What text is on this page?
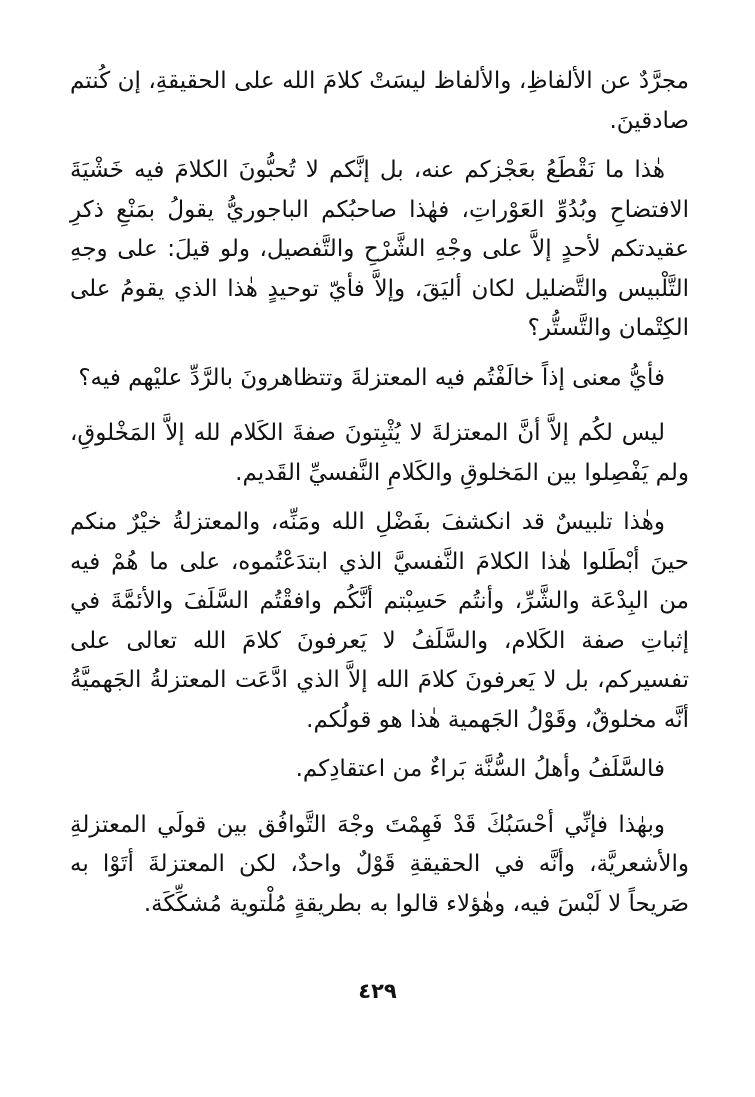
مجرَّدٌ عن الألفاظِ، والألفاظ ليسَتْ كلامَ الله على الحقيقةِ، إن كُنتم صادقينَ.

هٰذا ما نَقْطَعُ بعَجْزكم عنه، بل إنَّكم لا تُحبُّونَ الكلامَ فيه خَشْيَةَ الافتضاحِ وبُدُوِّ العَوْراتِ، فهٰذا صاحبُكم الباجوريُّ يقولُ بمَنْعِ ذكرِ عقيدتكم لأحدٍ إلاَّ على وجْهِ الشَّرْحِ والتَّفصيل، ولو قيلَ: على وجهِ التَّلْبيس والتَّضليل لكان أليَقَ، وإلاَّ فأيّ توحيدٍ هٰذا الذي يقومُ على الكِتْمان والتَّستُّر؟

فأيُّ معنى إذاً خالَفْتُم فيه المعتزلةَ وتتظاهرونَ بالرَّدِّ عليْهم فيه؟

ليس لكُم إلاَّ أنَّ المعتزلةَ لا يُثْبِتونَ صفةَ الكَلام لله إلاَّ المَخْلوقِ، ولم يَفْصِلوا بين المَخلوقِ والكَلامِ النَّفسيِّ القَديم.

وهٰذا تلبيسٌ قد انكشفَ بفَضْلِ الله ومَنِّه، والمعتزلةُ خيْرٌ منكم حينَ أبْطَلوا هٰذا الكلامَ النَّفسيَّ الذي ابتدَعْتُموه، على ما هُمْ فيه من البِدْعَة والشَّرِّ، وأنتُم حَسِبْتم أنَّكُم وافقْتُم السَّلَفَ والأئمَّةَ في إثباتِ صفة الكَلام، والسَّلَفُ لا يَعرفونَ كلامَ الله تعالى على تفسيركم، بل لا يَعرفونَ كلامَ الله إلاَّ الذي ادَّعَت المعتزلةُ الجَهميَّةُ أنَّه مخلوقٌ، وقَوْلُ الجَهمية هٰذا هو قولُكم.

فالسَّلَفُ وأهلُ السُّنَّة بَراءٌ من اعتقادِكم.

وبهٰذا فإنِّي أحْسَبُكَ قَدْ فَهِمْتَ وجْهَ التَّوافُق بين قولَي المعتزلةِ والأشعريَّة، وأنَّه في الحقيقةِ قَوْلٌ واحدٌ، لكن المعتزلةَ أتَوْا به صَريحاً لا لَبْسَ فيه، وهٰؤلاء قالوا به بطريقةٍ مُلْتوية مُشكِّكَة.

٤٢٩
